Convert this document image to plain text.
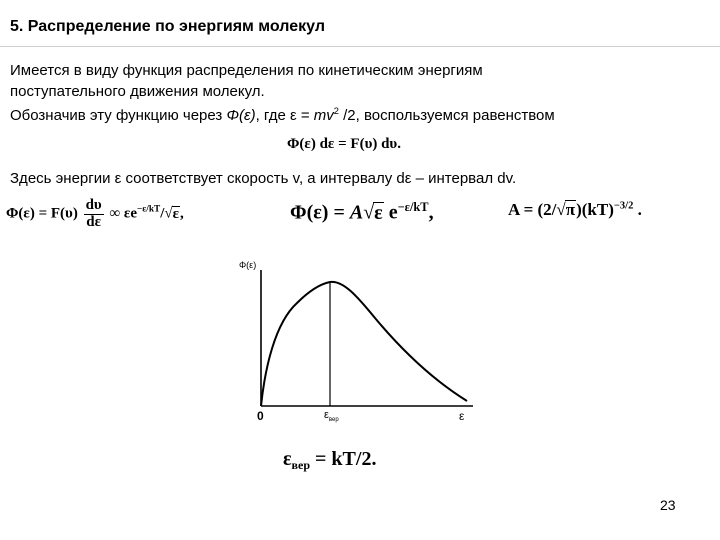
5. Распределение по энергиям молекул
Имеется в виду функция распределения по кинетическим энергиям
поступательного движения молекул.
Обозначив эту функцию через Φ(ε), где $\varepsilon = mv^2$ /2, воспользуемся равенством
Φ(ε) dε = F(υ) dυ.
Здесь энергии ε соответствует скорость v, а интервалу dε – интервал dv.
$\Phi(\varepsilon) = F(\upsilon) \frac{d\upsilon}{d\varepsilon}$ ∞ $\varepsilon e^{-\varepsilon/kT}/√\varepsilon$,	Φ(ε) = A√ε $e^{-\varepsilon/kT}$,	A = (2/√π)(kT)$^{-3/2}$ .
Φ(ε)
ε
0	$\varepsilon_{вер}$
$\varepsilon_{вер} = kT/2$.
23
